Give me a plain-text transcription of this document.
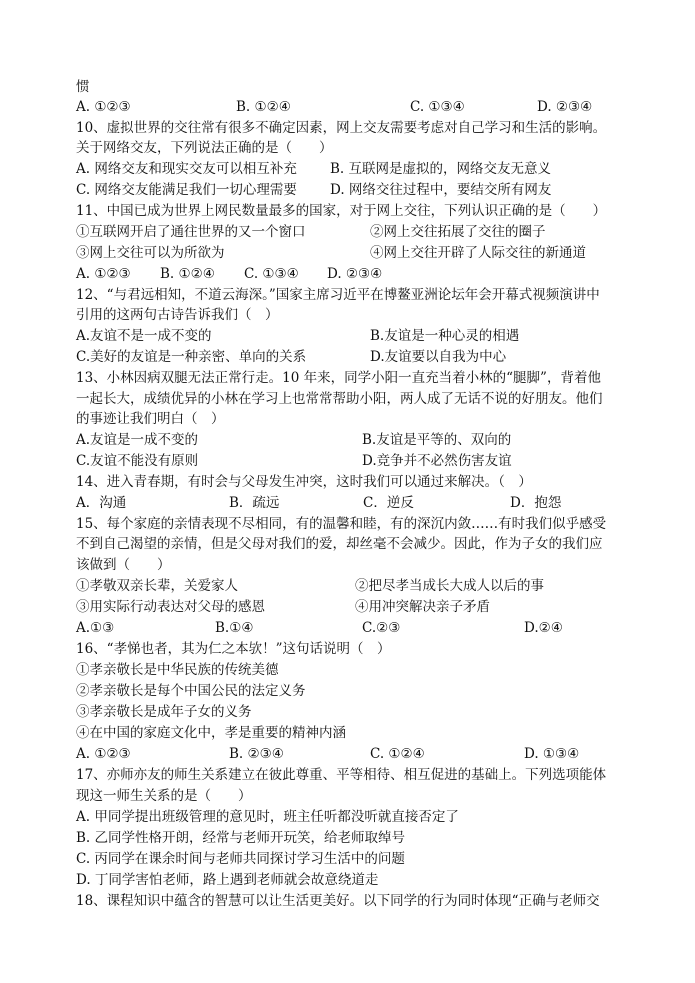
惯
A. ①②③	B. ①②④	C. ①③④	D. ②③④
10、虚拟世界的交往常有很多不确定因素，网上交友需要考虑对自己学习和生活的影响。
关于网络交友，下列说法正确的是（　　）
A. 网络交友和现实交友可以相互补充 B. 互联网是虚拟的，网络交友无意义
C. 网络交友能满足我们一切心理需要 D. 网络交往过程中，要结交所有网友
11、中国已成为世界上网民数量最多的国家，对于网上交往，下列认识正确的是（　　）
①互联网开启了通往世界的又一个窗口	②网上交往拓展了交往的圈子
③网上交往可以为所欲为	④网上交往开辟了人际交往的新通道
A. ①②③ B. ①②④ C. ①③④ D. ②③④
12、“与君远相知，不道云海深。”国家主席习近平在博鳌亚洲论坛年会开幕式视频演讲中
引用的这两句古诗告诉我们（　）
A.友谊不是一成不变的	B.友谊是一种心灵的相遇
C.美好的友谊是一种亲密、单向的关系	D.友谊要以自我为中心
13、小林因病双腿无法正常行走。10 年来，同学小阳一直充当着小林的“腿脚”，背着他
一起长大，成绩优异的小林在学习上也常常帮助小阳，两人成了无话不说的好朋友。他们
的事迹让我们明白（　）
A.友谊是一成不变的	B.友谊是平等的、双向的
C.友谊不能没有原则	D.竞争并不必然伤害友谊
14、进入青春期，有时会与父母发生冲突，这时我们可以通过来解决。（　）
A．沟通	B．疏远	C．逆反	D．抱怨
15、每个家庭的亲情表现不尽相同，有的温馨和睦，有的深沉内敛……有时我们似乎感受
不到自己渴望的亲情，但是父母对我们的爱，却丝毫不会减少。因此，作为子女的我们应
该做到（　　）
①孝敬双亲长辈，关爱家人	②把尽孝当成长大成人以后的事
③用实际行动表达对父母的感恩	④用冲突解决亲子矛盾
A.①③	B.①④	C.②③	D.②④
16、“孝悌也者，其为仁之本欤！”这句话说明（　）
①孝亲敬长是中华民族的传统美德
②孝亲敬长是每个中国公民的法定义务
③孝亲敬长是成年子女的义务
④在中国的家庭文化中，孝是重要的精神内涵
A. ①②③	B. ②③④	C. ①②④	D. ①③④
17、亦师亦友的师生关系建立在彼此尊重、平等相待、相互促进的基础上。下列选项能体
现这一师生关系的是（　　）
A. 甲同学提出班级管理的意见时，班主任听都没听就直接否定了
B. 乙同学性格开朗，经常与老师开玩笑，给老师取绰号
C. 丙同学在课余时间与老师共同探讨学习生活中的问题
D. 丁同学害怕老师，路上遇到老师就会故意绕道走
18、课程知识中蕴含的智慧可以让生活更美好。以下同学的行为同时体现“正确与老师交
